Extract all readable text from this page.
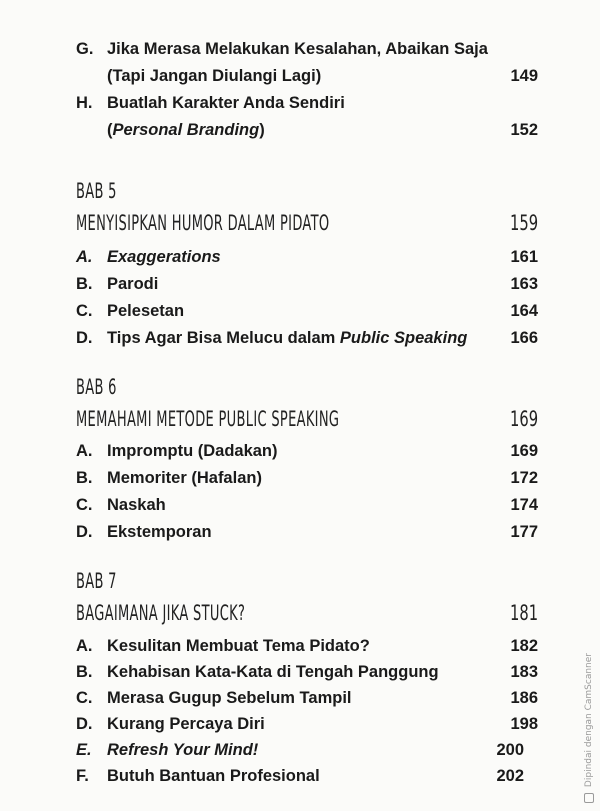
G. Jika Merasa Melakukan Kesalahan, Abaikan Saja
(Tapi Jangan Diulangi Lagi)	149
H. Buatlah Karakter Anda Sendiri
(Personal Branding)	152
BAB 5
MENYISIPKAN HUMOR DALAM PIDATO	159
A. Exaggerations	161
B. Parodi	163
C. Pelesetan	164
D. Tips Agar Bisa Melucu dalam Public Speaking	166
BAB 6
MEMAHAMI METODE PUBLIC SPEAKING	169
A. Impromptu (Dadakan)	169
B. Memoriter (Hafalan)	172
C. Naskah	174
D. Ekstemporan	177
BAB 7
BAGAIMANA JIKA STUCK?	181
A. Kesulitan Membuat Tema Pidato?	182
B. Kehabisan Kata-Kata di Tengah Panggung	183
C. Merasa Gugup Sebelum Tampil	186
D. Kurang Percaya Diri	198
E. Refresh Your Mind!	200
F. Butuh Bantuan Profesional	202	Dipindai dengan CamScanner
